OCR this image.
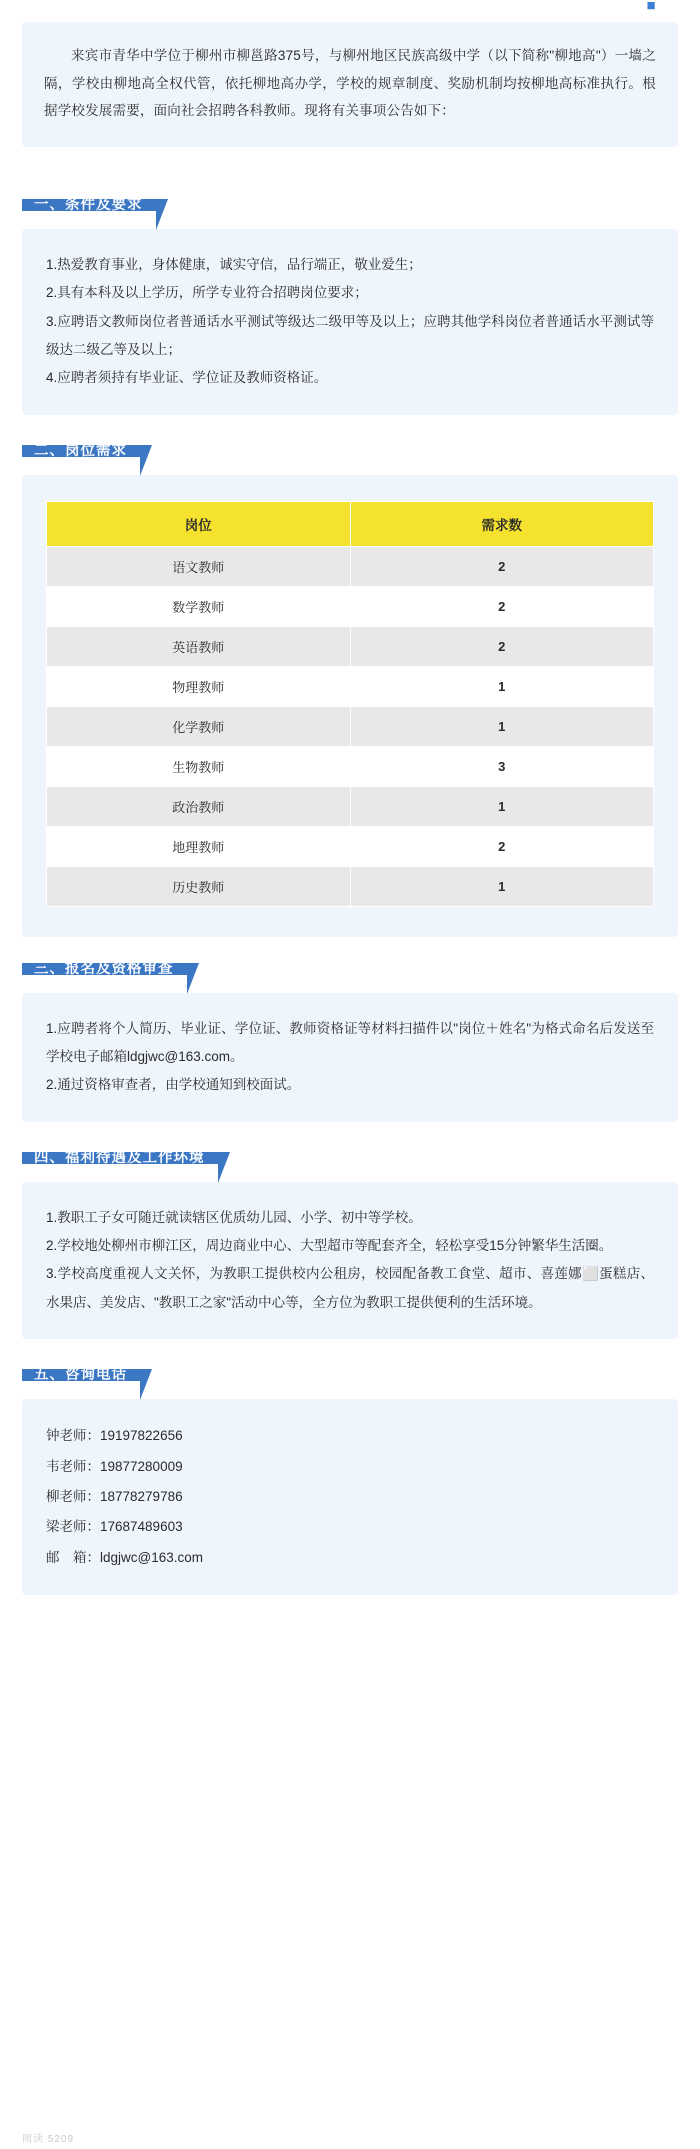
■

来宾市青华中学位于柳州市柳邕路375号，与柳州地区民族高级中学（以下简称"柳地高"）一墙之隔，学校由柳地高全权代管，依托柳地高办学，学校的规章制度、奖励机制均按柳地高标准执行。根据学校发展需要，面向社会招聘各科教师。现将有关事项公告如下：

一、条件及要求
1.热爱教育事业，身体健康，诚实守信，品行端正，敬业爱生；
2.具有本科及以上学历，所学专业符合招聘岗位要求；
3.应聘语文教师岗位者普通话水平测试等级达二级甲等及以上；应聘其他学科岗位者普通话水平测试等级达二级乙等及以上；
4.应聘者须持有毕业证、学位证及教师资格证。
二、岗位需求
岗位	需求数
语文教师	2
数学教师	2
英语教师	2
物理教师	1
化学教师	1
生物教师	3
政治教师	1
地理教师	2
历史教师	1
三、报名及资格审查
1.应聘者将个人简历、毕业证、学位证、教师资格证等材料扫描件以"岗位＋姓名"为格式命名后发送至学校电子邮箱ldgjwc@163.com。
2.通过资格审查者，由学校通知到校面试。
四、福利待遇及工作环境
1.教职工子女可随迁就读辖区优质幼儿园、小学、初中等学校。
2.学校地处柳州市柳江区，周边商业中心、大型超市等配套齐全，轻松享受15分钟繁华生活圈。
3.学校高度重视人文关怀，为教职工提供校内公租房，校园配备教工食堂、超市、喜莲娜⬜蛋糕店、水果店、美发店、"教职工之家"活动中心等，全方位为教职工提供便利的生活环境。
五、咨询电话
钟老师：19197822656
韦老师：19877280009
柳老师：18778279786
梁老师：17687489603
邮　箱：ldgjwc@163.com
阅读 5209
